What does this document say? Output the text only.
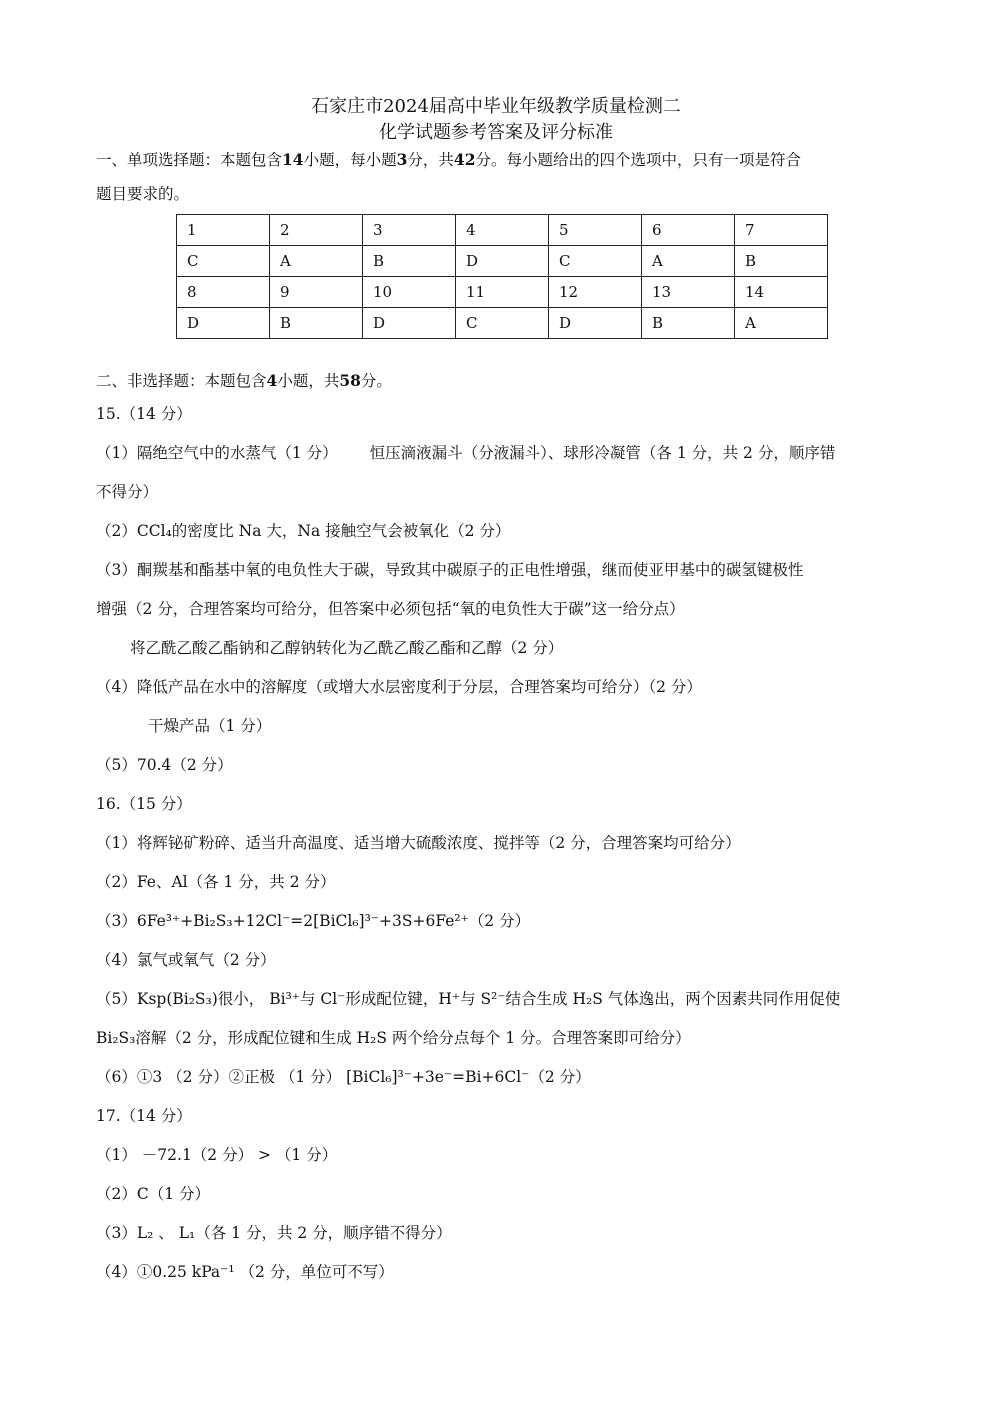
石家庄市2024届高中毕业年级教学质量检测二
化学试题参考答案及评分标准
一、单项选择题：本题包含14小题，每小题3分，共42分。每小题给出的四个选项中，只有一项是符合
题目要求的。
1	2	3	4	5	6	7
C	A	B	D	C	A	B
8	9	10	11	12	13	14
D	B	D	C	D	B	A
二、非选择题：本题包含4小题，共58分。
15.（14 分）
（1）隔绝空气中的水蒸气（1 分） 恒压滴液漏斗（分液漏斗）、球形冷凝管（各 1 分，共 2 分，顺序错
不得分）
（2）CCl₄的密度比 Na 大，Na 接触空气会被氧化（2 分）
（3）酮羰基和酯基中氧的电负性大于碳，导致其中碳原子的正电性增强，继而使亚甲基中的碳氢键极性
增强（2 分，合理答案均可给分，但答案中必须包括“氧的电负性大于碳”这一给分点）
将乙酰乙酸乙酯钠和乙醇钠转化为乙酰乙酸乙酯和乙醇（2 分）
（4）降低产品在水中的溶解度（或增大水层密度利于分层，合理答案均可给分）（2 分）
干燥产品（1 分）
（5）70.4（2 分）
16.（15 分）
（1）将辉铋矿粉碎、适当升高温度、适当增大硫酸浓度、搅拌等（2 分，合理答案均可给分）
（2）Fe、Al（各 1 分，共 2 分）
（3）6Fe³⁺+Bi₂S₃+12Cl⁻=2[BiCl₆]³⁻+3S+6Fe²⁺（2 分）
（4）氯气或氧气（2 分）
（5）Ksp(Bi₂S₃)很小， Bi³⁺与 Cl⁻形成配位键，H⁺与 S²⁻结合生成 H₂S 气体逸出，两个因素共同作用促使
Bi₂S₃溶解（2 分，形成配位键和生成 H₂S 两个给分点每个 1 分。合理答案即可给分）
（6）①3 （2 分）②正极 （1 分） [BiCl₆]³⁻+3e⁻=Bi+6Cl⁻（2 分）
17.（14 分）
（1） －72.1（2 分） > （1 分）
（2）C（1 分）
（3）L₂ 、 L₁（各 1 分，共 2 分，顺序错不得分）
（4）①0.25 kPa⁻¹ （2 分，单位可不写）
